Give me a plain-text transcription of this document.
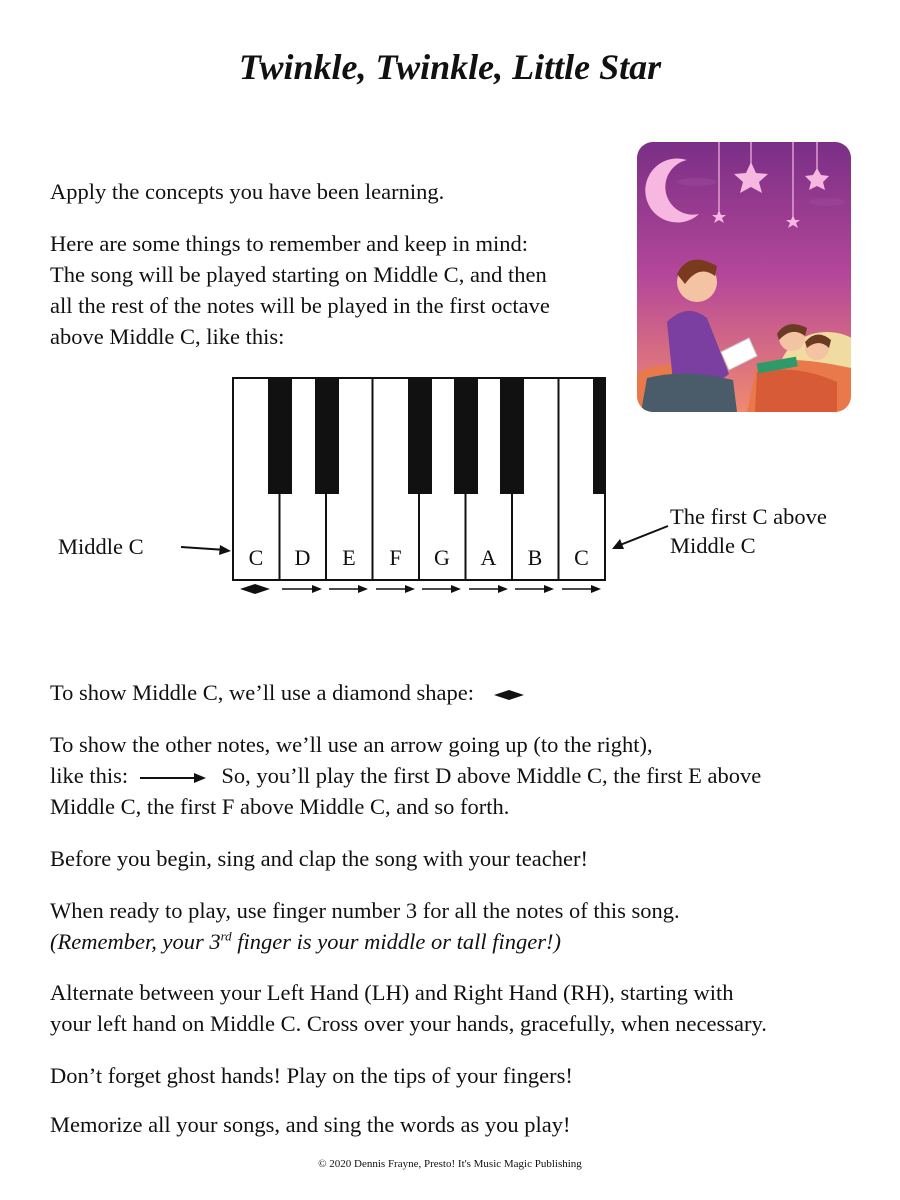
Twinkle, Twinkle, Little Star
Apply the concepts you have been learning.
Here are some things to remember and keep in mind:
The song will be played starting on Middle C, and then
all the rest of the notes will be played in the first octave
above Middle C, like this:
C	D	E	F	G	A	B	C
Middle C
The first C above
Middle C
To show Middle C, we’ll use a diamond shape:
To show the other notes, we’ll use an arrow going up (to the right),
like this:	So, you’ll play the first D above Middle C, the first E above
Middle C, the first F above Middle C, and so forth.
Before you begin, sing and clap the song with your teacher!
When ready to play, use finger number 3 for all the notes of this song.
(Remember, your 3rd finger is your middle or tall finger!)
Alternate between your Left Hand (LH) and Right Hand (RH), starting with
your left hand on Middle C. Cross over your hands, gracefully, when necessary.
Don’t forget ghost hands! Play on the tips of your fingers!
Memorize all your songs, and sing the words as you play!
© 2020 Dennis Frayne, Presto! It's Music Magic Publishing
